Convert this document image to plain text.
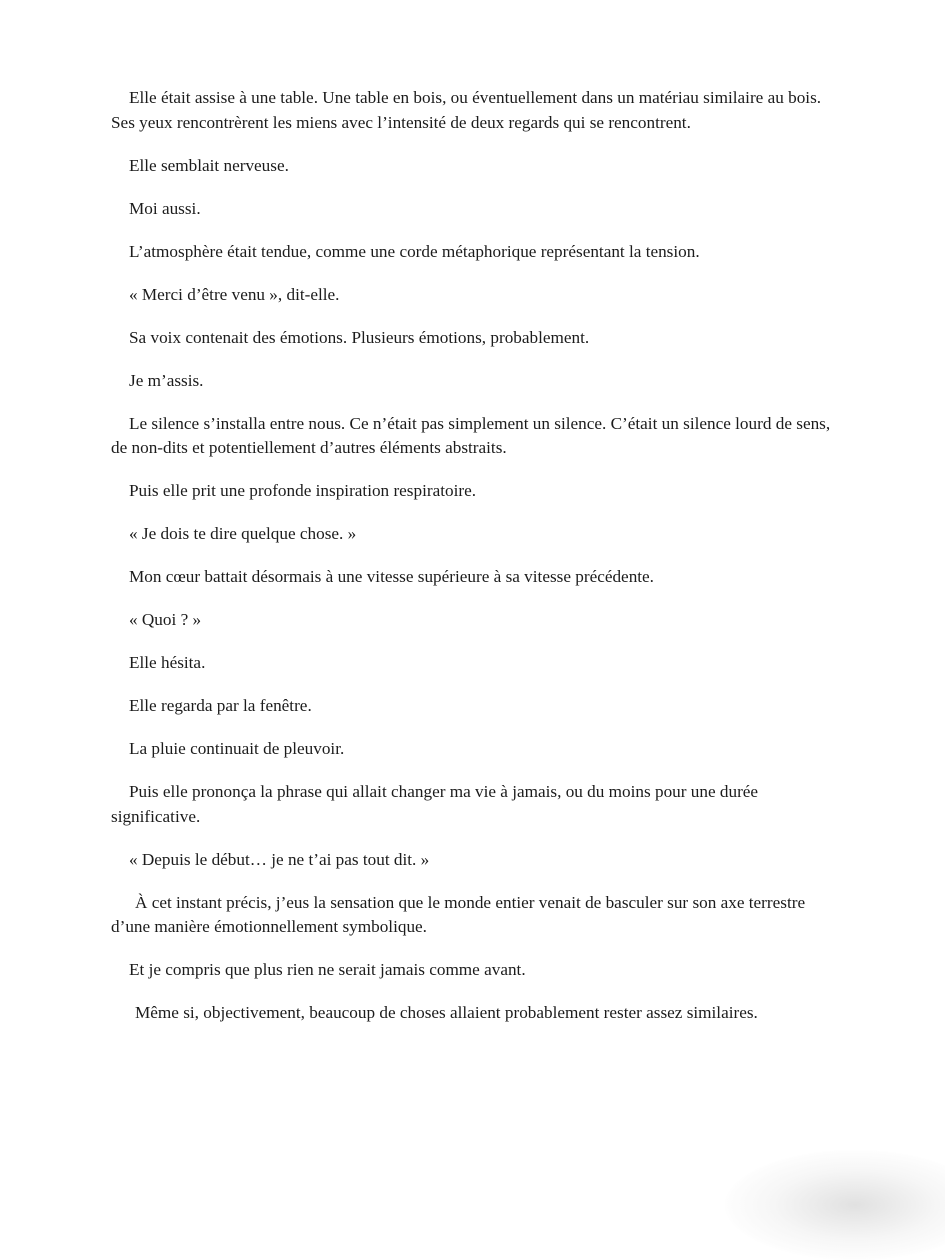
Elle était assise à une table. Une table en bois, ou éventuellement dans un matériau similaire au bois. Ses yeux rencontrèrent les miens avec l’intensité de deux regards qui se rencontrent.

Elle semblait nerveuse.

Moi aussi.

L’atmosphère était tendue, comme une corde métaphorique représentant la tension.

« Merci d’être venu », dit-elle.

Sa voix contenait des émotions. Plusieurs émotions, probablement.

Je m’assis.

Le silence s’installa entre nous. Ce n’était pas simplement un silence. C’était un silence lourd de sens, de non-dits et potentiellement d’autres éléments abstraits.

Puis elle prit une profonde inspiration respiratoire.

« Je dois te dire quelque chose. »

Mon cœur battait désormais à une vitesse supérieure à sa vitesse précédente.

« Quoi ? »

Elle hésita.

Elle regarda par la fenêtre.

La pluie continuait de pleuvoir.

Puis elle prononça la phrase qui allait changer ma vie à jamais, ou du moins pour une durée significative.

« Depuis le début… je ne t’ai pas tout dit. »

À cet instant précis, j’eus la sensation que le monde entier venait de basculer sur son axe terrestre d’une manière émotionnellement symbolique.

Et je compris que plus rien ne serait jamais comme avant.

Même si, objectivement, beaucoup de choses allaient probablement rester assez similaires.
